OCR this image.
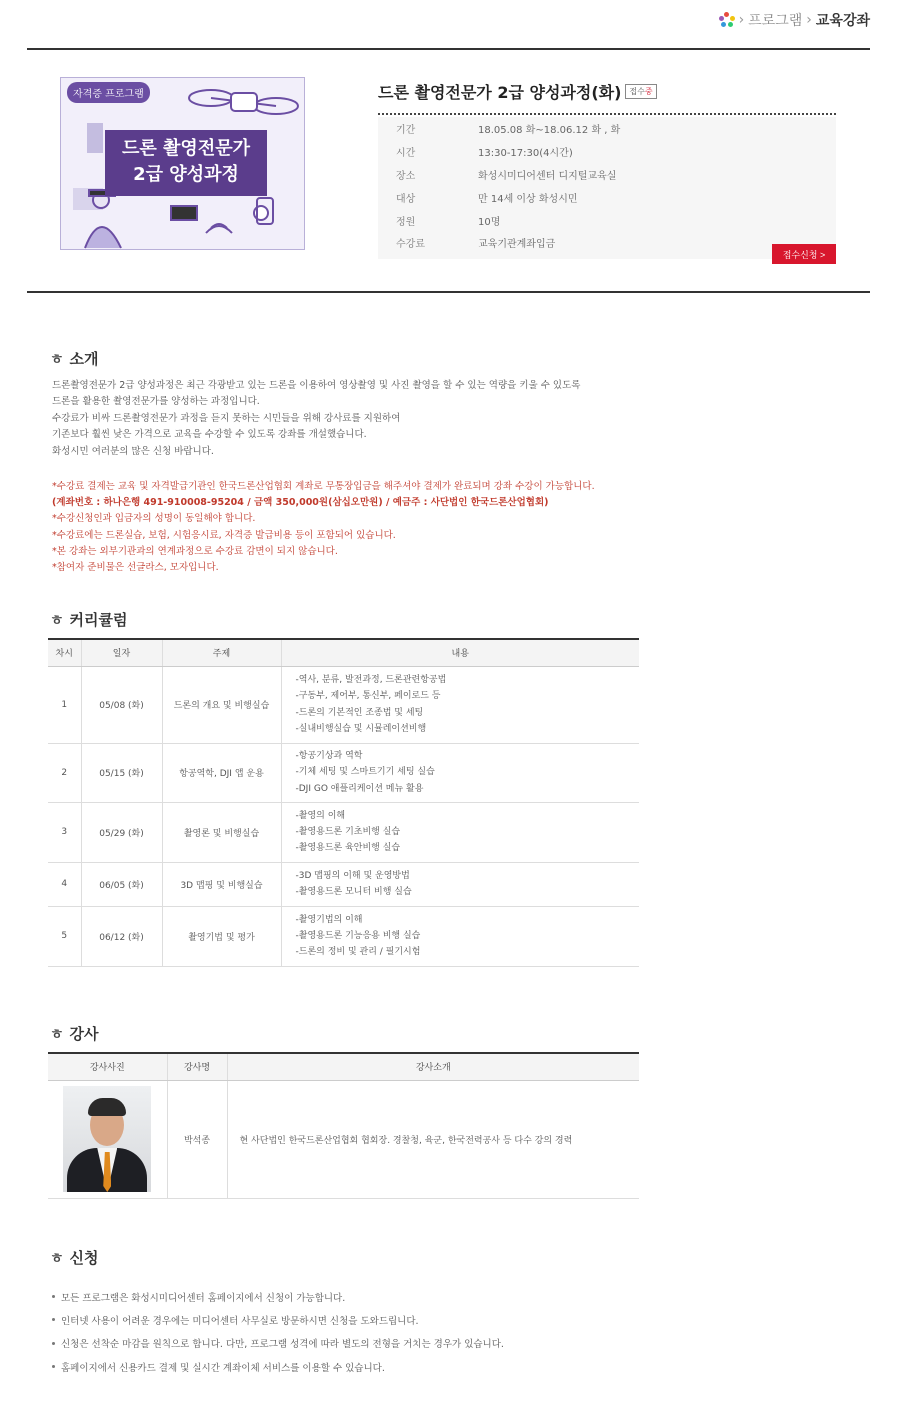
› 프로그램 › 교육강좌
자격증 프로그램
드론 촬영전문가
2급 양성과정
드론 촬영전문가 2급 양성과정(화)	접수중
기간	18.05.08 화~18.06.12 화 , 화
시간	13:30-17:30(4시간)
장소	화성시미디어센터 디지털교육실
대상	만 14세 이상 화성시민
정원	10명
수강료	교육기관계좌입금
접수신청 >
ㅎ 소개

드론촬영전문가 2급 양성과정은 최근 각광받고 있는 드론을 이용하여 영상촬영 및 사진 촬영을 할 수 있는 역량을 키울 수 있도록

드론을 활용한 촬영전문가를 양성하는 과정입니다.

수강료가 비싸 드론촬영전문가 과정을 듣지 못하는 시민들을 위해 강사료를 지원하여

기존보다 훨씬 낮은 가격으로 교육을 수강할 수 있도록 강좌를 개설했습니다.

화성시민 여러분의 많은 신청 바랍니다.

*수강료 결제는 교육 및 자격발급기관인 한국드론산업협회 계좌로 무통장입금을 해주셔야 결제가 완료되며 강좌 수강이 가능합니다.

(계좌번호 : 하나은행 491-910008-95204 / 금액 350,000원(삼십오만원) / 예금주 : 사단법인 한국드론산업협회)

*수강신청인과 입금자의 성명이 동일해야 합니다.

*수강료에는 드론실습, 보험, 시험응시료, 자격증 발급비용 등이 포함되어 있습니다.

*본 강좌는 외부기관과의 연계과정으로 수강료 감면이 되지 않습니다.

*참여자 준비물은 선글라스, 모자입니다.

ㅎ 커리큘럼
차시	일자	주제	내용
1	05/08 (화)	드론의 개요 및 비행실습	-역사, 분류, 발전과정, 드론관련항공법
-구동부, 제어부, 통신부, 페이로드 등
-드론의 기본적인 조종법 및 세팅
-실내비행실습 및 시뮬레이션비행

2	05/15 (화)	항공역학, DJI 앱 운용	-항공기상과 역학
-기체 세팅 및 스마트기기 세팅 실습
-DJI GO 애플리케이션 메뉴 활용

3	05/29 (화)	촬영론 및 비행실습	-촬영의 이해
-촬영용드론 기초비행 실습
-촬영용드론 육안비행 실습

4	06/05 (화)	3D 맵핑 및 비행실습	-3D 맵핑의 이해 및 운영방법
-촬영용드론 모니터 비행 실습

5	06/12 (화)	촬영기법 및 평가	-촬영기법의 이해
-촬영용드론 기능응용 비행 실습
-드론의 정비 및 관리 / 필기시험
ㅎ 강사
강사사진	강사명	강사소개

	박석종	현 사단법인 한국드론산업협회 협회장. 경찰청, 육군, 한국전력공사 등 다수 강의 경력
ㅎ 신청
모든 프로그램은 화성시미디어센터 홈페이지에서 신청이 가능합니다.
인터넷 사용이 어려운 경우에는 미디어센터 사무실로 방문하시면 신청을 도와드립니다.
신청은 선착순 마감을 원칙으로 합니다. 다만, 프로그램 성격에 따라 별도의 전형을 거치는 경우가 있습니다.
홈페이지에서 신용카드 결제 및 실시간 계좌이체 서비스를 이용할 수 있습니다.
